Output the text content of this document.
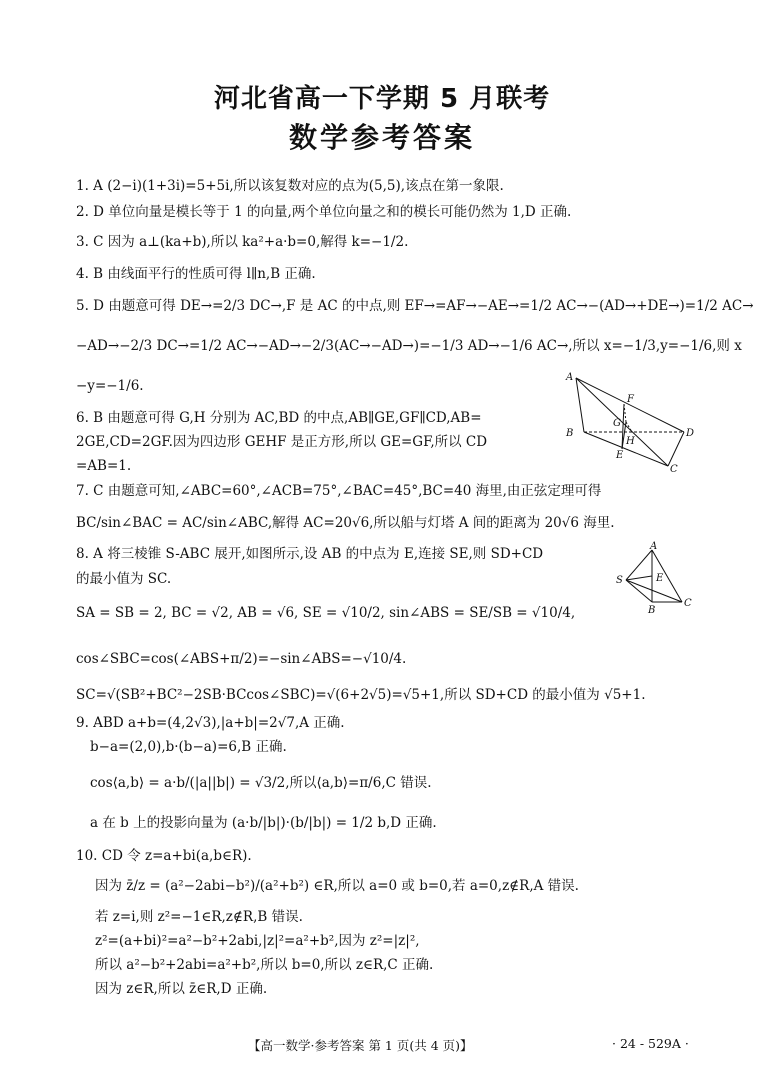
河北省高一下学期 5 月联考
数学参考答案
1. A (2−i)(1+3i)=5+5i,所以该复数对应的点为(5,5),该点在第一象限.
2. D 单位向量是模长等于 1 的向量,两个单位向量之和的模长可能仍然为 1,D 正确.
3. C 因为 a⊥(ka+b),所以 ka²+a·b=0,解得 k=−1/2.
4. B 由线面平行的性质可得 l∥n,B 正确.
5. D 由题意可得 DE→=2/3 DC→,F 是 AC 的中点,则 EF→=AF→−AE→=1/2 AC→−(AD→+DE→)=1/2 AC→
−AD→−2/3 DC→=1/2 AC→−AD→−2/3(AC→−AD→)=−1/3 AD→−1/6 AC→,所以 x=−1/3,y=−1/6,则 x
−y=−1/6.
6. B 由题意可得 G,H 分别为 AC,BD 的中点,AB∥GE,GF∥CD,AB=
2GE,CD=2GF.因为四边形 GEHF 是正方形,所以 GE=GF,所以 CD
=AB=1.
7. C 由题意可知,∠ABC=60°,∠ACB=75°,∠BAC=45°,BC=40 海里,由正弦定理可得
BC/sin∠BAC = AC/sin∠ABC,解得 AC=20√6,所以船与灯塔 A 间的距离为 20√6 海里.
8. A 将三棱锥 S-ABC 展开,如图所示,设 AB 的中点为 E,连接 SE,则 SD+CD
的最小值为 SC.
SA = SB = 2, BC = √2, AB = √6, SE = √10/2, sin∠ABS = SE/SB = √10/4,
cos∠SBC=cos(∠ABS+π/2)=−sin∠ABS=−√10/4.
SC=√(SB²+BC²−2SB·BCcos∠SBC)=√(6+2√5)=√5+1,所以 SD+CD 的最小值为 √5+1.
9. ABD a+b=(4,2√3),|a+b|=2√7,A 正确.
b−a=(2,0),b·(b−a)=6,B 正确.
cos⟨a,b⟩ = a·b/(|a||b|) = √3/2,所以⟨a,b⟩=π/6,C 错误.
a 在 b 上的投影向量为 (a·b/|b|)·(b/|b|) = 1/2 b,D 正确.
10. CD 令 z=a+bi(a,b∈R).
因为 z̄/z = (a²−2abi−b²)/(a²+b²) ∈R,所以 a=0 或 b=0,若 a=0,z∉R,A 错误.
若 z=i,则 z²=−1∈R,z∉R,B 错误.
z²=(a+bi)²=a²−b²+2abi,|z|²=a²+b²,因为 z²=|z|²,
所以 a²−b²+2abi=a²+b²,所以 b=0,所以 z∈R,C 正确.
因为 z∈R,所以 z̄∈R,D 正确.
A
F
G
B
H
D
E
C
A
S	E
B
C
【高一数学·参考答案 第 1 页(共 4 页)】	· 24 - 529A ·
